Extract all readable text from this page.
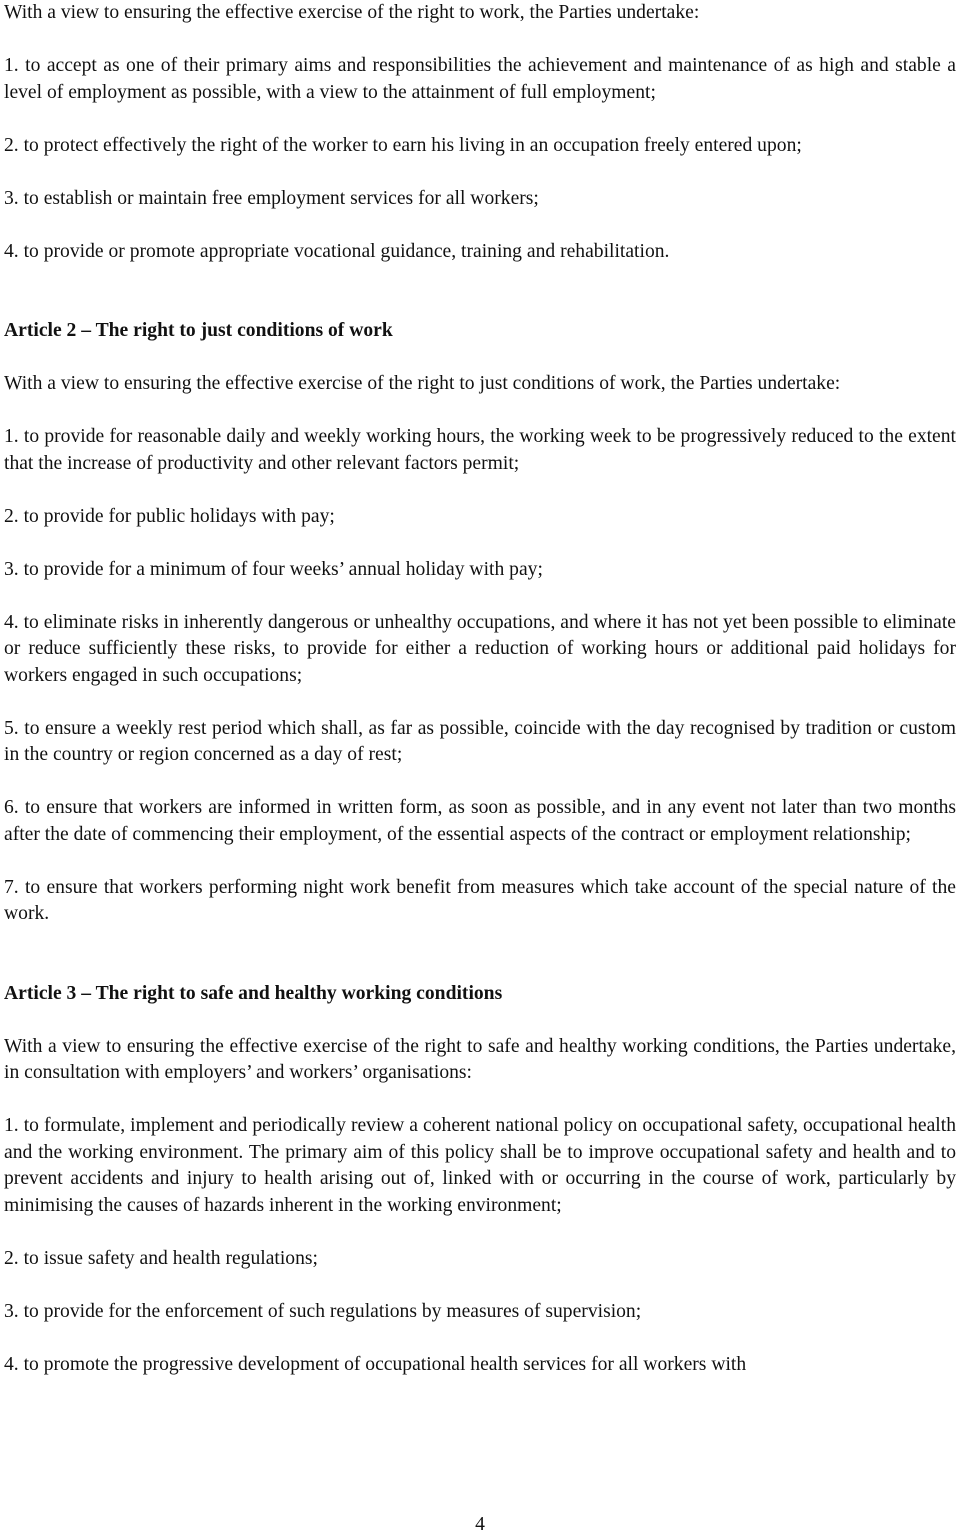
With a view to ensuring the effective exercise of the right to work, the Parties undertake:

1. to accept as one of their primary aims and responsibilities the achievement and maintenance of as high and stable a level of employment as possible, with a view to the attainment of full employment;

2. to protect effectively the right of the worker to earn his living in an occupation freely entered upon;

3. to establish or maintain free employment services for all workers;

4. to provide or promote appropriate vocational guidance, training and rehabilitation.

Article 2 – The right to just conditions of work

With a view to ensuring the effective exercise of the right to just conditions of work, the Parties undertake:

1. to provide for reasonable daily and weekly working hours, the working week to be progressively reduced to the extent that the increase of productivity and other relevant factors permit;

2. to provide for public holidays with pay;

3. to provide for a minimum of four weeks’ annual holiday with pay;

4. to eliminate risks in inherently dangerous or unhealthy occupations, and where it has not yet been possible to eliminate or reduce sufficiently these risks, to provide for either a reduction of working hours or additional paid holidays for workers engaged in such occupations;

5. to ensure a weekly rest period which shall, as far as possible, coincide with the day recognised by tradition or custom in the country or region concerned as a day of rest;

6. to ensure that workers are informed in written form, as soon as possible, and in any event not later than two months after the date of commencing their employment, of the essential aspects of the contract or employment relationship;

7. to ensure that workers performing night work benefit from measures which take account of the special nature of the work.

Article 3 – The right to safe and healthy working conditions

With a view to ensuring the effective exercise of the right to safe and healthy working conditions, the Parties undertake, in consultation with employers’ and workers’ organisations:

1. to formulate, implement and periodically review a coherent national policy on occupational safety, occupational health and the working environment. The primary aim of this policy shall be to improve occupational safety and health and to prevent accidents and injury to health arising out of, linked with or occurring in the course of work, particularly by minimising the causes of hazards inherent in the working environment;

2. to issue safety and health regulations;

3. to provide for the enforcement of such regulations by measures of supervision;

4. to promote the progressive development of occupational health services for all workers with

4
